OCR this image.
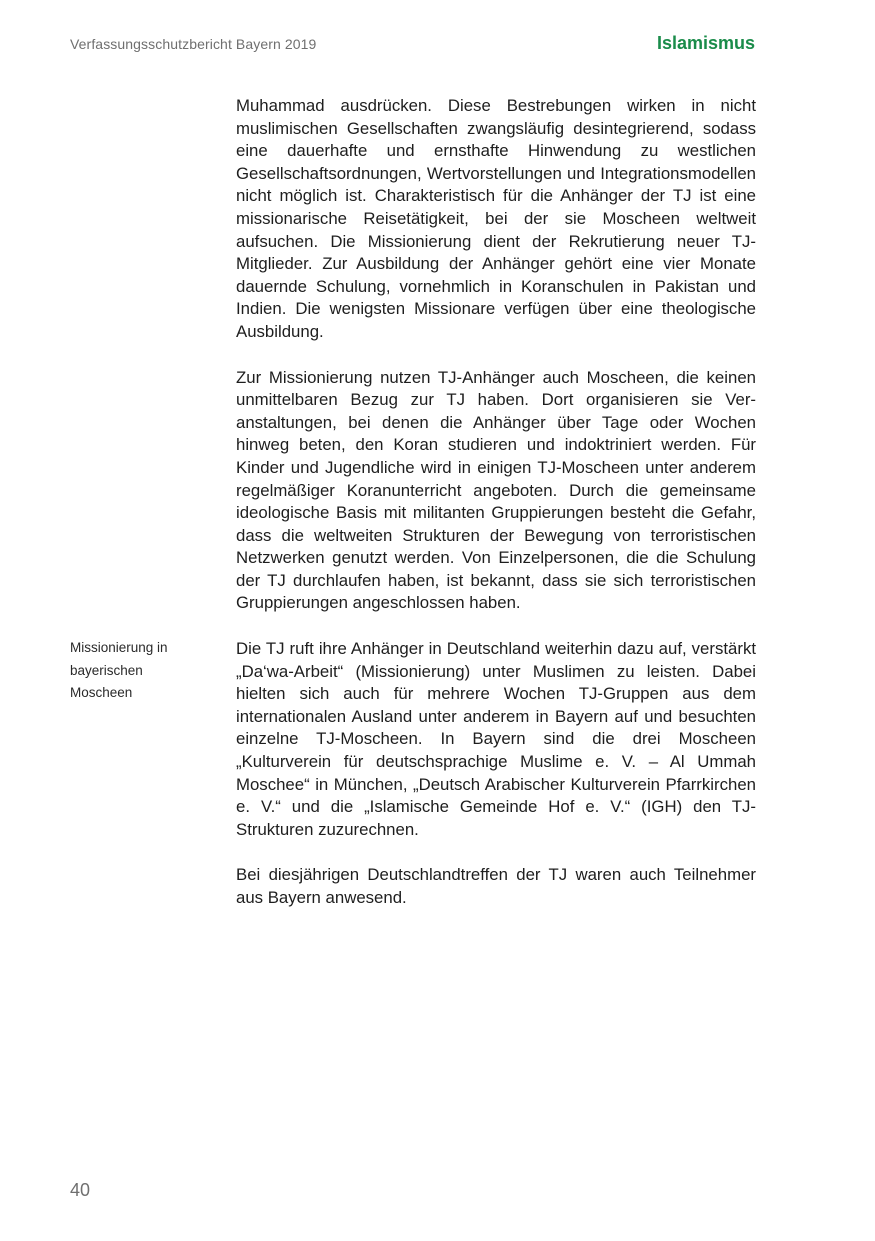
Verfassungsschutzbericht Bayern 2019	Islamismus
Missionierung in
bayerischen
Moscheen

Muhammad ausdrücken. Diese Bestrebungen wirken in nicht muslimischen Gesellschaften zwangsläufig desintegrierend, sodass eine dauerhafte und ernsthafte Hinwendung zu westlichen Gesellschaftsordnungen, Wertvorstellungen und Integrationsmodellen nicht möglich ist. Charakteristisch für die Anhänger der TJ ist eine missionarische Reisetätigkeit, bei der sie Moscheen weltweit aufsuchen. Die Missionierung dient der Rekrutierung neuer TJ-Mitglieder. Zur Ausbildung der Anhänger gehört eine vier Monate dauernde Schulung, vornehmlich in Koranschulen in Pakistan und Indien. Die wenigsten Missionare verfügen über eine theologische Ausbildung.

Zur Missionierung nutzen TJ-Anhänger auch Moscheen, die keinen unmittelbaren Bezug zur TJ haben. Dort organisieren sie Veranstaltungen, bei denen die Anhänger über Tage oder Wochen hinweg beten, den Koran studieren und indoktriniert werden. Für Kinder und Jugendliche wird in einigen TJ-Moscheen unter anderem regelmäßiger Koranunterricht angeboten. Durch die gemeinsame ideologische Basis mit militanten Gruppierungen besteht die Gefahr, dass die weltweiten Strukturen der Bewegung von terroristischen Netzwerken genutzt werden. Von Einzelpersonen, die die Schulung der TJ durchlaufen haben, ist bekannt, dass sie sich terroristischen Gruppierungen angeschlossen haben.

Die TJ ruft ihre Anhänger in Deutschland weiterhin dazu auf, verstärkt „Da‘wa-Arbeit“ (Missionierung) unter Muslimen zu leisten. Dabei hielten sich auch für mehrere Wochen TJ-Gruppen aus dem internationalen Ausland unter anderem in Bayern auf und besuchten einzelne TJ-Moscheen. In Bayern sind die drei Moscheen „Kulturverein für deutschsprachige Muslime e. V. – Al Ummah Moschee“ in München, „Deutsch Arabischer Kulturverein Pfarrkirchen e. V.“ und die „Islamische Gemeinde Hof e. V.“ (IGH) den TJ-Strukturen zuzurechnen.

Bei diesjährigen Deutschlandtreffen der TJ waren auch Teilnehmer aus Bayern anwesend.

40
